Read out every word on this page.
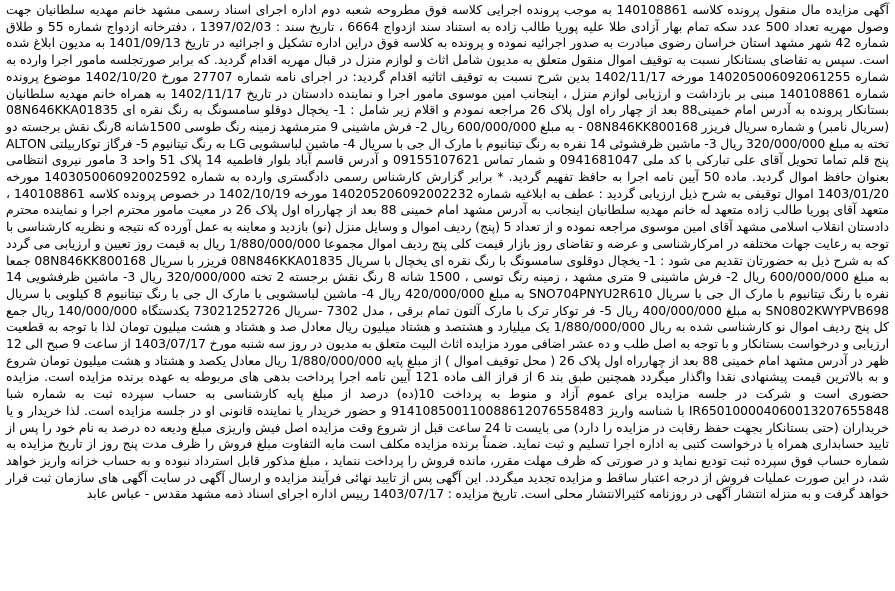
آگهی مزایده مال منقول پرونده کلاسه 140108861 به موجب پرونده اجرایی کلاسه فوق مطروحه شعبه دوم اداره اجرای اسناد رسمی مشهد خانم مهدیه سلطانیان جهت وصول مهریه تعداد 500 عدد سکه تمام بهار آزادی طلا علیه پوریا طالب زاده به استناد سند ازدواج 6664 ، تاریخ سند : 1397/02/03 ، دفترخانه ازدواج شماره 55 و طلاق شماره 42 شهر مشهد استان خراسان رضوی مبادرت به صدور اجرائیه نموده و پرونده به کلاسه فوق دراین اداره تشکیل و اجرائیه در تاریخ 1401/09/13 به مدیون ابلاغ شده است. سپس به تقاضای بستانکار نسبت به توقیف اموال منقول متعلق به مدیون شامل اثاث و لوازم منزل در قبال مهریه اقدام گردید. که برابر صورتجلسه مامور اجرا وارده به شماره 140205006092061255 مورخه 1402/11/17 بدین شرح نسبت به توقیف اثاثیه اقدام گردید: در اجرای نامه شماره 27707 مورخ 1402/10/20 موضوع پرونده شماره 140108861 مبنی بر بازداشت و ارزیابی لوازم منزل ، اینجانب امین موسوی مامور اجرا و نماینده دادستان در تاریخ 1402/11/17 به همراه خانم مهدیه سلطانیان بستانکار پرونده به آدرس امام خمینی88 بعد از چهار راه اول پلاک 26 مراجعه نمودم و اقلام زیر شامل : 1- یخچال دوقلو سامسونگ به رنگ نقره ای 08N646KKA01835 (سریال نامبر) و شماره سریال فریزر 08N846KK800168 - به مبلغ 600/000/000 ریال 2- فرش ماشینی 9 مترمشهد زمینه رنگ طوسی 1500شانه 8رنگ نقش برجسته دو تخته به مبلغ 320/000/000 ریال 3- ماشین ظرفشوئی 14 نفره به رنگ تیتانیوم با مارک ال جی با سریال 4- ماشین لباسشویی LG به رنگ تیتانیوم 5- فرگاز توکاربیلتی ALTON پنج قلم تماما تحویل آقای علی تبارکی با کد ملی 0941681047 و شمار تماس 09155107621 و آدرس قاسم آباد بلوار فاطمیه 14 پلاک 51 واحد 3 مامور نیروی انتظامی بعنوان حافظ اموال گردید. ماده 50 آیین نامه اجرا به حافظ تفهیم گردید. * برابر گزارش کارشناس رسمی دادگستری وارده به شماره 140305006092002592 مورخه 1403/01/20 اموال توقیفی به شرح ذیل ارزیابی گردید : عطف به ابلاغیه شماره 140205206092002232 مورخه 1402/10/19 در خصوص پرونده کلاسه 140108861 ، متعهد آقای پوریا طالب زاده متعهد له خانم مهدیه سلطانیان اینجانب به آدرس مشهد امام خمینی 88 بعد از چهارراه اول پلاک 26 در معیت مامور محترم اجرا و نماینده محترم دادستان انقلاب اسلامی مشهد آقای امین موسوی مراجعه نموده و از تعداد 5 (پنج) ردیف اموال و وسایل منزل (نو) بازدید و معاینه به عمل آورده که نتیجه و نظریه کارشناسی با توجه به رعایت جهات مختلفه در امرکارشناسی و عرضه و تقاضای روز بازار قیمت کلی پنج ردیف اموال مجموعا 1/880/000/000 ریال به قیمت روز تعیین و ارزیابی می گردد که به شرح ذیل به حضورتان تقدیم می شود : 1- یخچال دوقلوی سامسونگ با رنگ نقره ای یخچال با سریال 08N846KKA01835 فریزر با سریال 08N846KK800168 جمعا به مبلغ 600/000/000 ریال 2- فرش ماشینی 9 متری مشهد ، زمینه رنگ توسی ، 1500 شانه 8 رنگ نقش برجسته 2 تخته 320/000/000 ریال 3- ماشین ظرفشویی 14 نفره با رنگ تیتانیوم با مارک ال جی با سریال SNO704PNYU2R610 به مبلغ 420/000/000 ریال 4- ماشین لباسشویی با مارک ال جی با رنگ تیتانیوم 8 کیلویی با سریال SN0802KWYPVB698 به مبلغ 400/000/000 ریال 5- فر توکار ترک با مارک آلتون تمام برقی ، مدل 7302 -سریال 73021252726 یکدستگاه 140/000/000 ریال جمع کل پنج ردیف اموال نو کارشناسی شده به ریال 1/880/000/000 یک میلیارد و هشتصد و هشتاد میلیون ریال معادل صد و هشتاد و هشت میلیون تومان لذا با توجه به قطعیت ارزیابی و درخواست بستانکار و با توجه به اصل طلب و ده عشر اضافی مورد مزایده اثاث البیت متعلق به مدیون در روز سه شنبه مورخ 1403/07/17 از ساعت 9 صبح الی 12 ظهر در آدرس مشهد امام خمینی 88 بعد از چهارراه اول پلاک 26 ( محل توقیف اموال ) از مبلغ پایه 1/880/000/000 ریال معادل یکصد و هشتاد و هشت میلیون تومان شروع و به بالاترین قیمت پیشنهادی نقدا واگذار میگردد همچنین طبق بند 6 از فراز الف ماده 121 آیین نامه اجرا پرداخت بدهی های مربوطه به عهده برنده مزایده است. مزایده حضوری است و شرکت در جلسه مزایده برای عموم آزاد و منوط به پرداخت 10(ده) درصد از مبلغ پایه کارشناسی به حساب سپرده ثبت به شماره شبا IR650100004060013207655848 با شناسه واریز 914108500110088612076558483 و حضور خریدار یا نماینده قانونی او در جلسه مزایده است. لذا خریدار و یا خریداران (حتی بستانکار بجهت حفظ رقابت در مزایده را دارد) می بایست تا 24 ساعت قبل از شروع وقت مزایده اصل فیش واریزی مبلغ ودیعه ده درصد به نام خود را پس از تایید حسابداری همراه با درخواست کتبی به اداره اجرا تسلیم و ثبت نماید. ضمناً برنده مزایده مکلف است مابه التفاوت مبلغ فروش را ظرف مدت پنج روز از تاریخ مزایده به شماره حساب فوق سپرده ثبت تودیع نماید و در صورتی که ظرف مهلت مقرر، مانده فروش را پرداخت ننماید ، مبلغ مذکور قابل استرداد نبوده و به حساب خزانه واریز خواهد شد، در این صورت عملیات فروش از درجه اعتبار ساقط و مزایده تجدید میگردد. این آگهی پس از تایید نهائی فرآیند مزایده و ارسال آگهی در سایت آگهی های سازمان ثبت قرار خواهد گرفت و به منزله انتشار آگهی در روزنامه کثیرالانتشار محلی است. تاریخ مزایده : 1403/07/17 رییس اداره اجرای اسناد ذمه مشهد مقدس - عباس عابد
